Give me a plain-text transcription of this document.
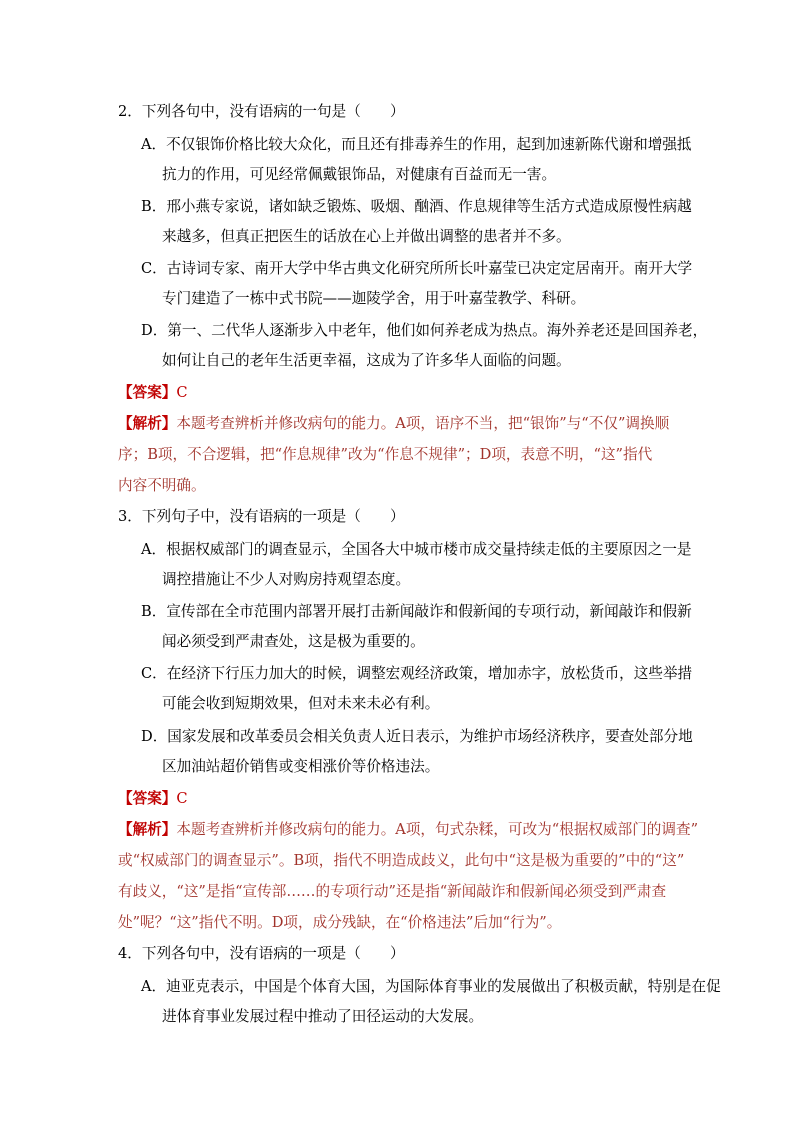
2．下列各句中，没有语病的一句是（　　）
A．不仅银饰价格比较大众化，而且还有排毒养生的作用，起到加速新陈代谢和增强抵
抗力的作用，可见经常佩戴银饰品，对健康有百益而无一害。
B．邢小燕专家说，诸如缺乏锻炼、吸烟、酗酒、作息规律等生活方式造成原慢性病越
来越多，但真正把医生的话放在心上并做出调整的患者并不多。
C．古诗词专家、南开大学中华古典文化研究所所长叶嘉莹已决定定居南开。南开大学
专门建造了一栋中式书院——迦陵学舍，用于叶嘉莹教学、科研。
D．第一、二代华人逐渐步入中老年，他们如何养老成为热点。海外养老还是回国养老，
如何让自己的老年生活更幸福，这成为了许多华人面临的问题。
【答案】C
【解析】本题考查辨析并修改病句的能力。A项，语序不当，把“银饰”与“不仅”调换顺
序；B项，不合逻辑，把“作息规律”改为“作息不规律”；D项，表意不明，“这”指代
内容不明确。
3．下列句子中，没有语病的一项是（　　）
A．根据权威部门的调查显示，全国各大中城市楼市成交量持续走低的主要原因之一是
调控措施让不少人对购房持观望态度。
B．宣传部在全市范围内部署开展打击新闻敲诈和假新闻的专项行动，新闻敲诈和假新
闻必须受到严肃查处，这是极为重要的。
C．在经济下行压力加大的时候，调整宏观经济政策，增加赤字，放松货币，这些举措
可能会收到短期效果，但对未来未必有利。
D．国家发展和改革委员会相关负责人近日表示，为维护市场经济秩序，要查处部分地
区加油站超价销售或变相涨价等价格违法。
【答案】C
【解析】本题考查辨析并修改病句的能力。A项，句式杂糅，可改为“根据权威部门的调查”
或“权威部门的调查显示”。B项，指代不明造成歧义，此句中“这是极为重要的”中的“这”
有歧义，“这”是指“宣传部……的专项行动”还是指“新闻敲诈和假新闻必须受到严肃查
处”呢？“这”指代不明。D项，成分残缺，在“价格违法”后加“行为”。
4．下列各句中，没有语病的一项是（　　）
A．迪亚克表示，中国是个体育大国，为国际体育事业的发展做出了积极贡献，特别是在促
进体育事业发展过程中推动了田径运动的大发展。
